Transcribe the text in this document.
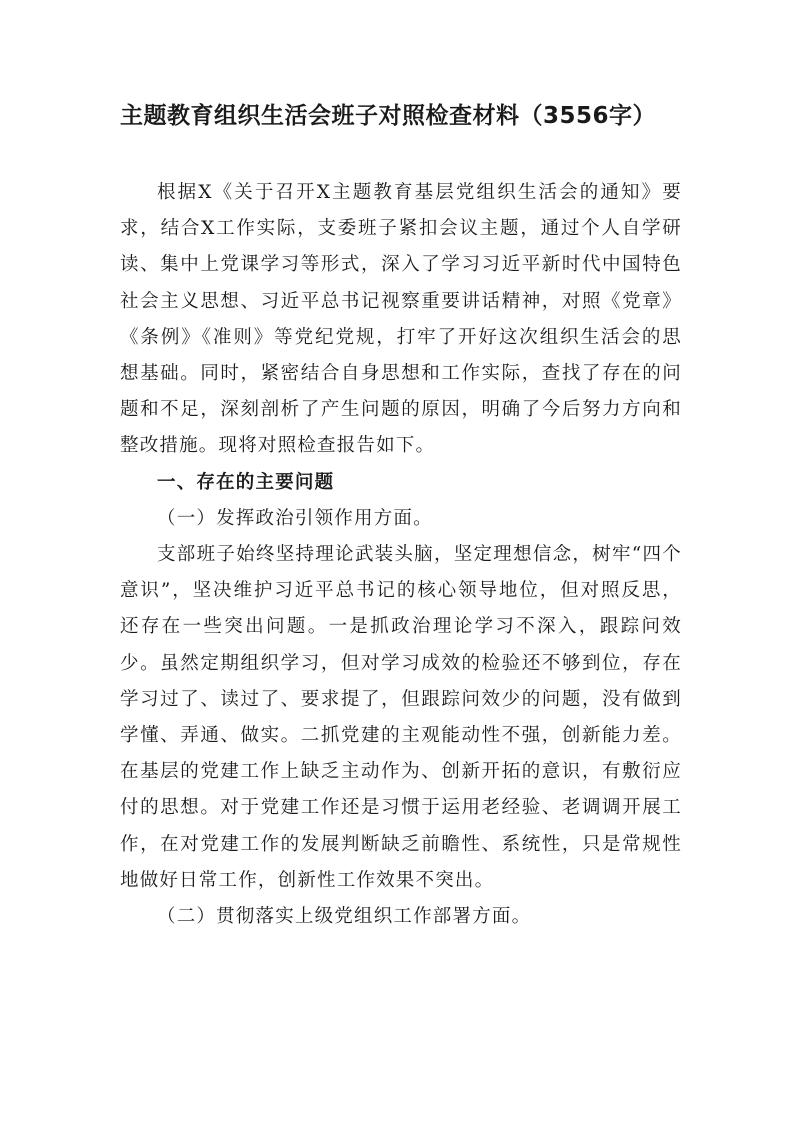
主题教育组织生活会班子对照检查材料（3556字）

根据X《关于召开X主题教育基层党组织生活会的通知》要求，结合X工作实际，支委班子紧扣会议主题，通过个人自学研读、集中上党课学习等形式，深入了学习习近平新时代中国特色社会主义思想、习近平总书记视察重要讲话精神，对照《党章》《条例》《准则》等党纪党规，打牢了开好这次组织生活会的思想基础。同时，紧密结合自身思想和工作实际，查找了存在的问题和不足，深刻剖析了产生问题的原因，明确了今后努力方向和整改措施。现将对照检查报告如下。

一、存在的主要问题

（一）发挥政治引领作用方面。

支部班子始终坚持理论武装头脑，坚定理想信念，树牢“四个意识”，坚决维护习近平总书记的核心领导地位，但对照反思，还存在一些突出问题。一是抓政治理论学习不深入，跟踪问效少。虽然定期组织学习，但对学习成效的检验还不够到位，存在学习过了、读过了、要求提了，但跟踪问效少的问题，没有做到学懂、弄通、做实。二抓党建的主观能动性不强，创新能力差。在基层的党建工作上缺乏主动作为、创新开拓的意识，有敷衍应付的思想。对于党建工作还是习惯于运用老经验、老调调开展工作，在对党建工作的发展判断缺乏前瞻性、系统性，只是常规性地做好日常工作，创新性工作效果不突出。

（二）贯彻落实上级党组织工作部署方面。
